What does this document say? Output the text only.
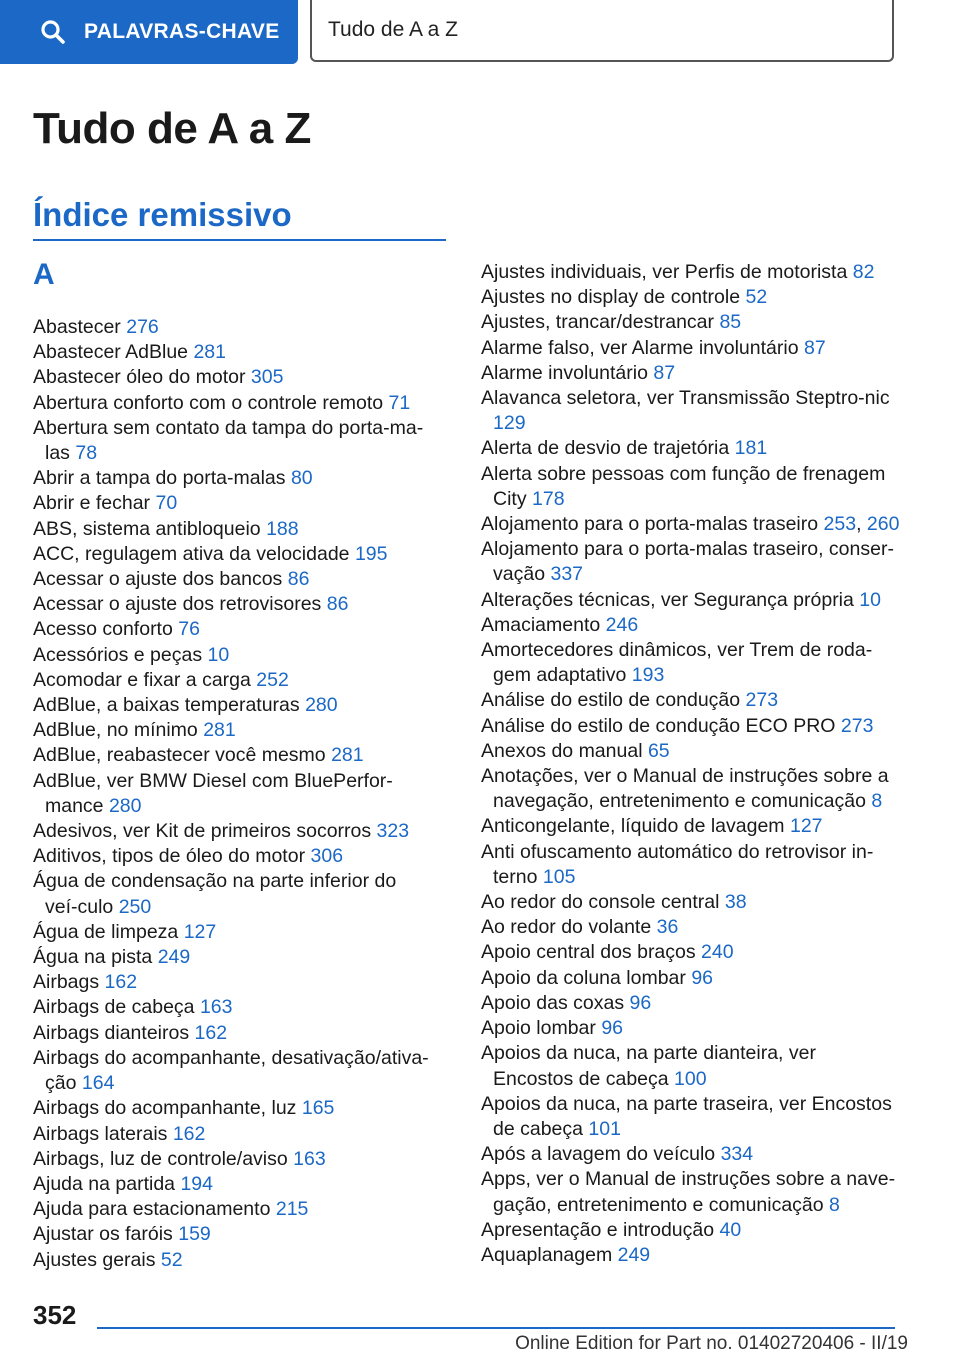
PALAVRAS-CHAVE Tudo de A a Z
Tudo de A a Z
Índice remissivo
A
Abastecer 276
Abastecer AdBlue 281
Abastecer óleo do motor 305
Abertura conforto com o controle remoto 71
Abertura sem contato da tampa do porta-ma-las 78
Abrir a tampa do porta-malas 80
Abrir e fechar 70
ABS, sistema antibloqueio 188
ACC, regulagem ativa da velocidade 195
Acessar o ajuste dos bancos 86
Acessar o ajuste dos retrovisores 86
Acesso conforto 76
Acessórios e peças 10
Acomodar e fixar a carga 252
AdBlue, a baixas temperaturas 280
AdBlue, no mínimo 281
AdBlue, reabastecer você mesmo 281
AdBlue, ver BMW Diesel com BluePerfor-mance 280
Adesivos, ver Kit de primeiros socorros 323
Aditivos, tipos de óleo do motor 306
Água de condensação na parte inferior do veí-culo 250
Água de limpeza 127
Água na pista 249
Airbags 162
Airbags de cabeça 163
Airbags dianteiros 162
Airbags do acompanhante, desativação/ativa-ção 164
Airbags do acompanhante, luz 165
Airbags laterais 162
Airbags, luz de controle/aviso 163
Ajuda na partida 194
Ajuda para estacionamento 215
Ajustar os faróis 159
Ajustes gerais 52
Ajustes individuais, ver Perfis de motorista 82
Ajustes no display de controle 52
Ajustes, trancar/destrancar 85
Alarme falso, ver Alarme involuntário 87
Alarme involuntário 87
Alavanca seletora, ver Transmissão Steptro-nic 129
Alerta de desvio de trajetória 181
Alerta sobre pessoas com função de frenagem City 178
Alojamento para o porta-malas traseiro 253, 260
Alojamento para o porta-malas traseiro, conser-vação 337
Alterações técnicas, ver Segurança própria 10
Amaciamento 246
Amortecedores dinâmicos, ver Trem de roda-gem adaptativo 193
Análise do estilo de condução 273
Análise do estilo de condução ECO PRO 273
Anexos do manual 65
Anotações, ver o Manual de instruções sobre a navegação, entretenimento e comunicação 8
Anticongelante, líquido de lavagem 127
Anti ofuscamento automático do retrovisor in-terno 105
Ao redor do console central 38
Ao redor do volante 36
Apoio central dos braços 240
Apoio da coluna lombar 96
Apoio das coxas 96
Apoio lombar 96
Apoios da nuca, na parte dianteira, ver Encostos de cabeça 100
Apoios da nuca, na parte traseira, ver Encostos de cabeça 101
Após a lavagem do veículo 334
Apps, ver o Manual de instruções sobre a nave-gação, entretenimento e comunicação 8
Apresentação e introdução 40
Aquaplanagem 249
352
Online Edition for Part no. 01402720406 - II/19
